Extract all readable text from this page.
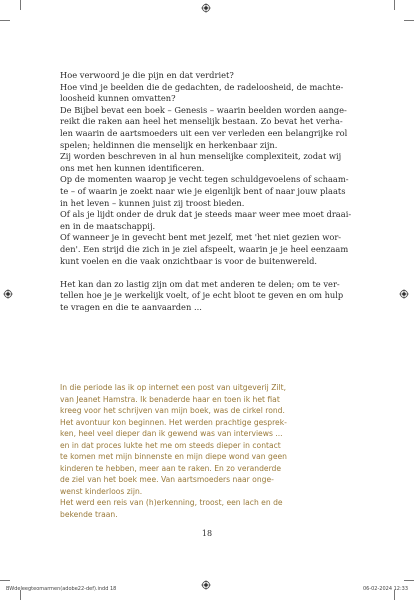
Hoe verwoord je die pijn en dat verdriet?
Hoe vind je beelden die de gedachten, de radeloosheid, de machte-
loosheid kunnen omvatten?
De Bijbel bevat een boek – Genesis – waarin beelden worden aange-
reikt die raken aan heel het menselijk bestaan. Zo bevat het verha-
len waarin de aartsmoeders uit een ver verleden een belangrijke rol
spelen; heldinnen die menselijk en herkenbaar zijn.
Zij worden beschreven in al hun menselijke complexiteit, zodat wij
ons met hen kunnen identificeren.
Op de momenten waarop je vecht tegen schuldgevoelens of schaam-
te – of waarin je zoekt naar wie je eigenlijk bent of naar jouw plaats
in het leven – kunnen juist zij troost bieden.
Of als je lijdt onder de druk dat je steeds maar weer mee moet draai-
en in de maatschappij.
Of wanneer je in gevecht bent met jezelf, met 'het niet gezien wor-
den'. Een strijd die zich in je ziel afspeelt, waarin je je heel eenzaam
kunt voelen en die vaak onzichtbaar is voor de buitenwereld.
Het kan dan zo lastig zijn om dat met anderen te delen; om te ver-
tellen hoe je je werkelijk voelt, of je echt bloot te geven en om hulp
te vragen en die te aanvaarden ...
In die periode las ik op internet een post van uitgeverij Zilt,
van Jeanet Hamstra. Ik benaderde haar en toen ik het fiat
kreeg voor het schrijven van mijn boek, was de cirkel rond.
Het avontuur kon beginnen. Het werden prachtige gesprek-
ken, heel veel dieper dan ik gewend was van interviews ...
en in dat proces lukte het me om steeds dieper in contact
te komen met mijn binnenste en mijn diepe wond van geen
kinderen te hebben, meer aan te raken. En zo veranderde
de ziel van het boek mee. Van aartsmoeders naar onge-
wenst kinderloos zijn.
Het werd een reis van (h)erkenning, troost, een lach en de
bekende traan.
18
BWdeleegteomarmen(adobe22-def).indd 18	06-02-2024 12:33
